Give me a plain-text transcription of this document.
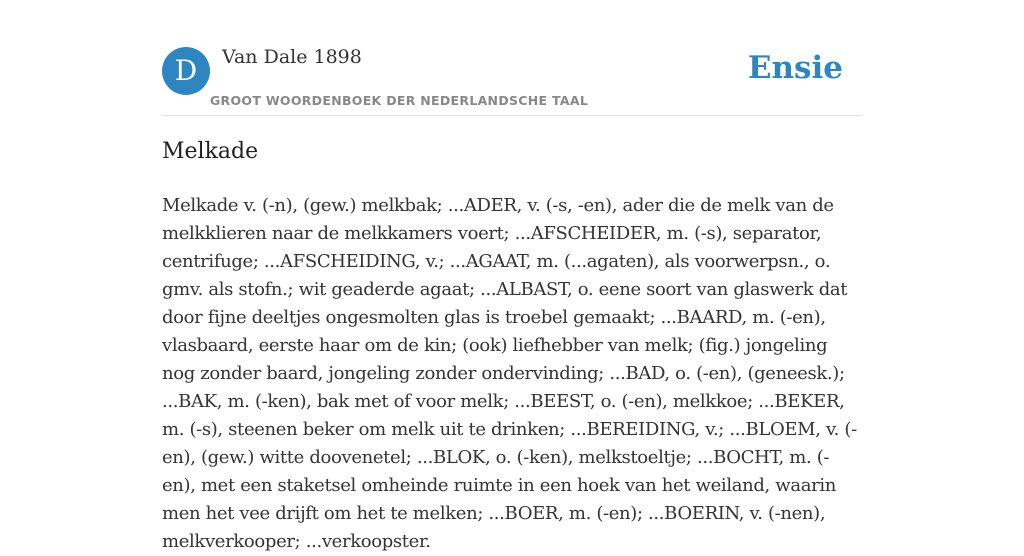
D	Van Dale 1898
GROOT WOORDENBOEK DER NEDERLANDSCHE TAAL
Ensie
Melkade

Melkade v. (-n), (gew.) melkbak; ...ADER, v. (-s, -en), ader die de melk van de melkklieren naar de melkkamers voert; ...AFSCHEIDER, m. (-s), separator, centrifuge; ...AFSCHEIDING, v.; ...AGAAT, m. (...agaten), als voorwerpsn., o. gmv. als stofn.; wit geaderde agaat; ...ALBAST, o. eene soort van glaswerk dat door fijne deeltjes ongesmolten glas is troebel gemaakt; ...BAARD, m. (-en), vlasbaard, eerste haar om de kin; (ook) liefhebber van melk; (fig.) jongeling nog zonder baard, jongeling zonder ondervinding; ...BAD, o. (-en), (geneesk.); ...BAK, m. (-ken), bak met of voor melk; ...BEEST, o. (-en), melkkoe; ...BEKER, m. (-s), steenen beker om melk uit te drinken; ...BEREIDING, v.; ...BLOEM, v. (-en), (gew.) witte doovenetel; ...BLOK, o. (-ken), melkstoeltje; ...BOCHT, m. (-en), met een staketsel omheinde ruimte in een hoek van het weiland, waarin men het vee drijft om het te melken; ...BOER, m. (-en); ...BOERIN, v. (-nen), melkverkooper; ...verkoopster.
